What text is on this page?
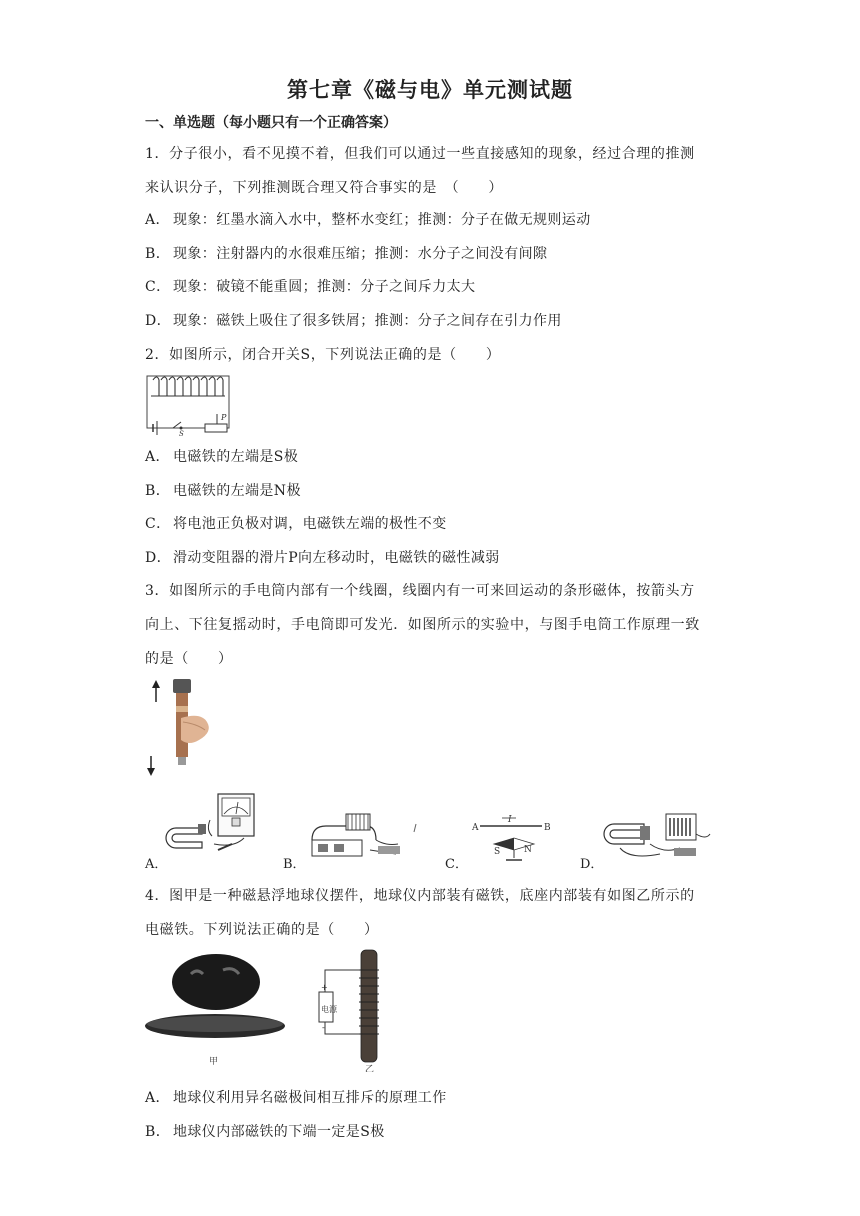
第七章《磁与电》单元测试题
一、单选题（每小题只有一个正确答案）
1．分子很小，看不见摸不着，但我们可以通过一些直接感知的现象，经过合理的推测
来认识分子，下列推测既合理又符合事实的是　（　　）
A． 现象：红墨水滴入水中，整杯水变红；推测：分子在做无规则运动
B． 现象：注射器内的水很难压缩；推测：水分子之间没有间隙
C． 现象：破镜不能重圆；推测：分子之间斥力太大
D． 现象：磁铁上吸住了很多铁屑；推测：分子之间存在引力作用
2．如图所示，闭合开关S，下列说法正确的是（　　）
P
S
A． 电磁铁的左端是S极
B． 电磁铁的左端是N极
C． 将电池正负极对调，电磁铁左端的极性不变
D． 滑动变阻器的滑片P向左移动时，电磁铁的磁性减弱
3．如图所示的手电筒内部有一个线圈，线圈内有一可来回运动的条形磁体，按箭头方
向上、下往复摇动时，手电筒即可发光．如图所示的实验中，与图手电筒工作原理一致
的是（　　）
A．	B．	C．
A	B
I
S	N
D．
4．图甲是一种磁悬浮地球仪摆件，地球仪内部装有磁铁，底座内部装有如图乙所示的
电磁铁。下列说法正确的是（　　）
甲
电源
+
-
乙
A． 地球仪利用异名磁极间相互排斥的原理工作
B． 地球仪内部磁铁的下端一定是S极
